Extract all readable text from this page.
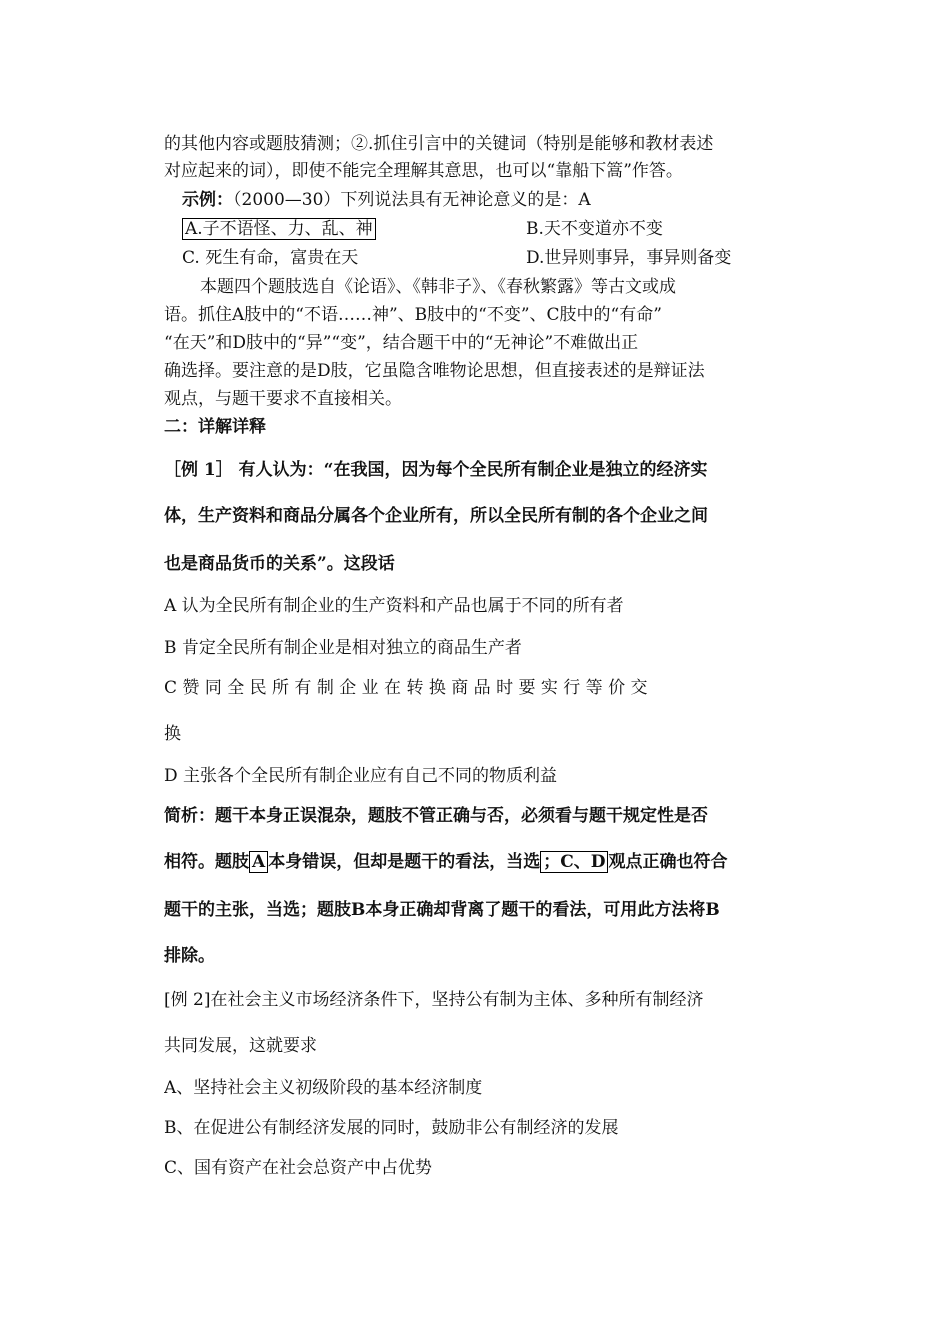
的其他内容或题肢猜测；②.抓住引言中的关键词（特别是能够和教材表述
对应起来的词），即使不能完全理解其意思，也可以“靠船下篙”作答。
示例：（2000—30）下列说法具有无神论意义的是：A
A.子不语怪、力、乱、神	B.天不变道亦不变
C. 死生有命，富贵在天	D.世异则事异，事异则备变
本题四个题肢选自《论语》、《韩非子》、《春秋繁露》等古文或成
语。抓住A肢中的“不语……神”、B肢中的“不变”、C肢中的“有命”
“在天”和D肢中的“异”“变”，结合题干中的“无神论”不难做出正
确选择。要注意的是D肢，它虽隐含唯物论思想，但直接表述的是辩证法
观点，与题干要求不直接相关。
二：详解详释
［例 1］ 有人认为：“在我国，因为每个全民所有制企业是独立的经济实
体，生产资料和商品分属各个企业所有，所以全民所有制的各个企业之间
也是商品货币的关系”。这段话
A 认为全民所有制企业的生产资料和产品也属于不同的所有者
B 肯定全民所有制企业是相对独立的商品生产者
C 赞 同 全 民 所 有 制 企 业 在 转 换 商 品 时 要 实 行 等 价 交
换
D 主张各个全民所有制企业应有自己不同的物质利益
简析：题干本身正误混杂，题肢不管正确与否，必须看与题干规定性是否
相符。题肢 A 本身错误，但却是题干的看法，当选 ；C、D 观点正确也符合
题干的主张，当选；题肢B本身正确却背离了题干的看法，可用此方法将B
排除。
[例 2]在社会主义市场经济条件下，坚持公有制为主体、多种所有制经济
共同发展，这就要求
A、坚持社会主义初级阶段的基本经济制度
B、在促进公有制经济发展的同时，鼓励非公有制经济的发展
C、国有资产在社会总资产中占优势
